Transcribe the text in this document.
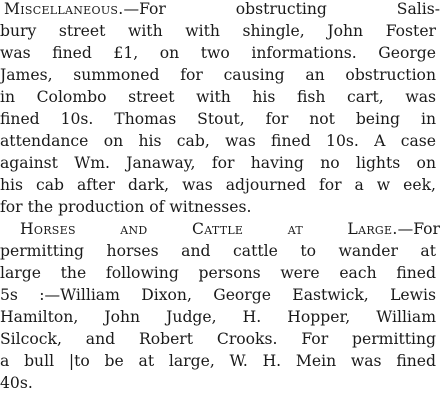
Miscellaneous.—For obstructing Salis-
bury street with with shingle, John Foster
was fined £1, on two informations. George
James, summoned for causing an obstruction
in Colombo street with his fish cart, was
fined 10s. Thomas Stout, for not being in
attendance on his cab, was fined 10s. A case
against Wm. Janaway, for having no lights on
his cab after dark, was adjourned for a w eek,
for the production of witnesses.
Horses and Cattle at Large.—For
permitting horses and cattle to wander at
large the following persons were each fined
5s :—William Dixon, George Eastwick, Lewis
Hamilton, John Judge, H. Hopper, William
Silcock, and Robert Crooks. For permitting
a bull |to be at large, W. H. Mein was fined
40s.
